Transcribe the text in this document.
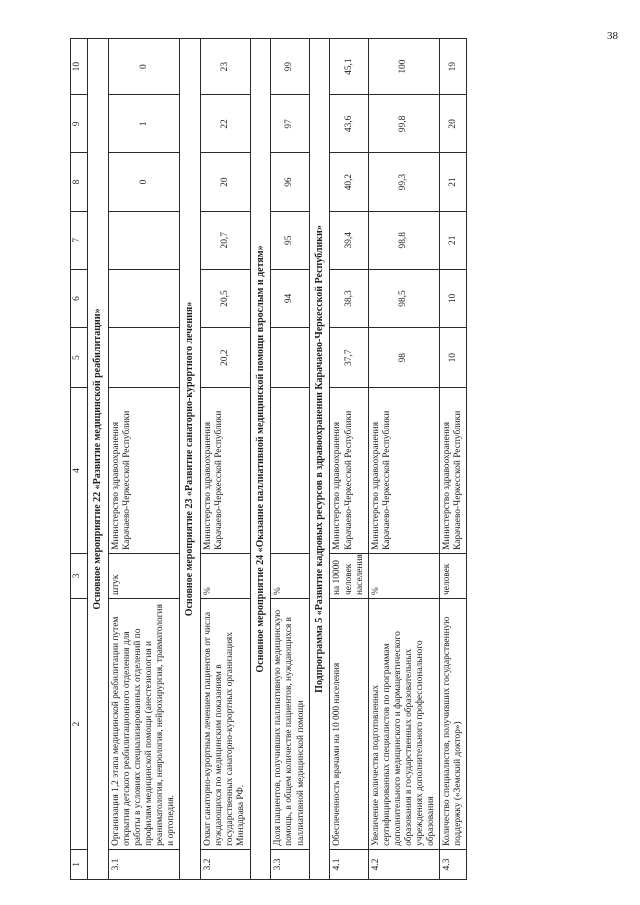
38
1	2	3	4	5	6	7	8	9	10
Основное мероприятие 22 «Развитие медицинской реабилитации»									
3.1	Организация 1,2 этапа медицинской реабилитации путем открытия детского реабилитационного отделения для работы в условиях специализированных отделений по профилям медицинской помощи (анестезиология и реаниматология, неврология, нейрохирургия, травматология и ортопедия.	штук	Министерство здравоохранения Карачаево-Черкесской Республики				0	1	0
Основное мероприятие 23 «Развитие санаторно-курортного лечения»									
3.2	Охват санаторно-курортным лечением пациентов от числа нуждающихся по медицинским показаниям в государственных санаторно-курортных организациях Минздрава РФ.	%	Министерство здравоохранения Карачаево-Черкесской Республики	20,2	20,5	20,7	20	22	23
Основное мероприятие 24 «Оказание паллиативной медицинской помощи взрослым и детям»									
3.3	Доля пациентов, получивших паллиативную медицинскую помощь, в общем количестве пациентов, нуждающихся в паллиативной медицинской помощи	%			94	95	96	97	99
Подпрограмма 5 «Развитие кадровых ресурсов в здравоохранении Карачаево-Черкесской Республики»									
4.1	Обеспеченность врачами на 10 000 населения	на 10000 человек населения	Министерство здравоохранения Карачаево-Черкесской Республики	37,7	38,3	39,4	40,2	43,6	45,1
4.2	Увеличение количества подготовленных сертифицированных специалистов по программам дополнительного медицинского и фармацевтического образования в государственных образовательных учреждениях дополнительного профессионального образования	%	Министерство здравоохранения Карачаево-Черкесской Республики	98	98,5	98,8	99,3	99,8	100
4.3	Количество специалистов, получивших государственную поддержку («Земский доктор»)	человек	Министерство здравоохранения Карачаево-Черкесской Республики	10	10	21	21	20	19
